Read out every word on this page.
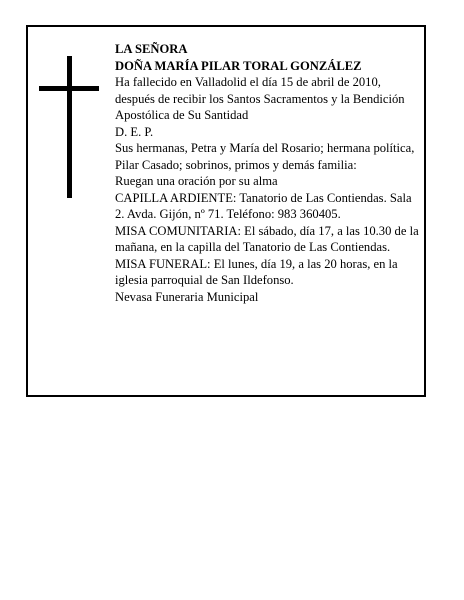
LA SEÑORA

DOÑA MARÍA PILAR TORAL GONZÁLEZ

Ha fallecido en Valladolid el día 15 de abril de 2010, después de recibir los Santos Sacramentos y la Bendición Apostólica de Su Santidad

D. E. P.

Sus hermanas, Petra y María del Rosario; hermana política, Pilar Casado; sobrinos, primos y demás familia:

Ruegan una oración por su alma

CAPILLA ARDIENTE: Tanatorio de Las Contiendas. Sala 2. Avda. Gijón, nº 71. Teléfono: 983 360405.

MISA COMUNITARIA: El sábado, día 17, a las 10.30 de la mañana, en la capilla del Tanatorio de Las Contiendas.

MISA FUNERAL: El lunes, día 19, a las 20 horas, en la iglesia parroquial de San Ildefonso.

Nevasa Funeraria Municipal
